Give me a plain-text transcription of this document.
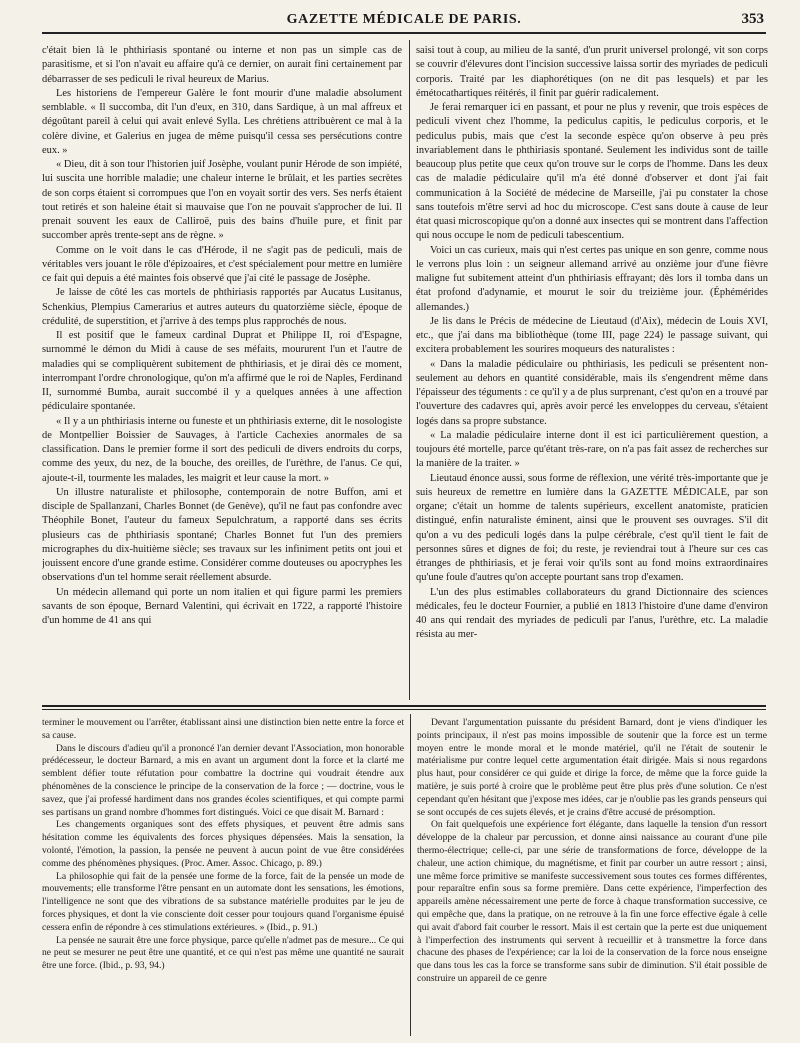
GAZETTE MÉDICALE DE PARIS.	353

c'était bien là le phthiriasis spontané ou interne et non pas un simple cas de parasitisme, et si l'on n'avait eu affaire qu'à ce dernier, on aurait fini certainement par débarrasser de ses pediculi le rival heureux de Marius.

Les historiens de l'empereur Galère le font mourir d'une maladie absolument semblable. « Il succomba, dit l'un d'eux, en 310, dans Sardique, à un mal affreux et dégoûtant pareil à celui qui avait enlevé Sylla. Les chrétiens attribuèrent ce mal à la colère divine, et Galerius en jugea de même puisqu'il cessa ses persécutions contre eux. »

« Dieu, dit à son tour l'historien juif Josèphe, voulant punir Hérode de son impiété, lui suscita une horrible maladie; une chaleur interne le brûlait, et les parties secrètes de son corps étaient si corrompues que l'on en voyait sortir des vers. Ses nerfs étaient tout retirés et son haleine était si mauvaise que l'on ne pouvait s'approcher de lui. Il prenait souvent les eaux de Calliroë, puis des bains d'huile pure, et finit par succomber après trente-sept ans de règne. »

Comme on le voit dans le cas d'Hérode, il ne s'agit pas de pediculi, mais de véritables vers jouant le rôle d'épizoaires, et c'est spécialement pour mettre en lumière ce fait qui depuis a été maintes fois observé que j'ai cité le passage de Josèphe.

Je laisse de côté les cas mortels de phthiriasis rapportés par Aucatus Lusitanus, Schenkius, Plempius Camerarius et autres auteurs du quatorzième siècle, époque de crédulité, de superstition, et j'arrive à des temps plus rapprochés de nous.

Il est positif que le fameux cardinal Duprat et Philippe II, roi d'Espagne, surnommé le démon du Midi à cause de ses méfaits, moururent l'un et l'autre de maladies qui se compliquèrent subitement de phthiriasis, et je dirai dès ce moment, interrompant l'ordre chronologique, qu'on m'a affirmé que le roi de Naples, Ferdinand II, surnommé Bumba, aurait succombé il y a quelques années à une affection pédiculaire spontanée.

« Il y a un phthiriasis interne ou funeste et un phthiriasis externe, dit le nosologiste de Montpellier Boissier de Sauvages, à l'article Cachexies anormales de sa classification. Dans le premier forme il sort des pediculi de divers endroits du corps, comme des yeux, du nez, de la bouche, des oreilles, de l'urèthre, de l'anus. Ce qui, ajoute-t-il, tourmente les malades, les maigrit et leur cause la mort. »

Un illustre naturaliste et philosophe, contemporain de notre Buffon, ami et disciple de Spallanzani, Charles Bonnet (de Genève), qu'il ne faut pas confondre avec Théophile Bonet, l'auteur du fameux Sepulchratum, a rapporté dans ses écrits plusieurs cas de phthiriasis spontané; Charles Bonnet fut l'un des premiers micrographes du dix-huitième siècle; ses travaux sur les infiniment petits ont joui et jouissent encore d'une grande estime. Considérer comme douteuses ou apocryphes les observations d'un tel homme serait réellement absurde.

Un médecin allemand qui porte un nom italien et qui figure parmi les premiers savants de son époque, Bernard Valentini, qui écrivait en 1722, a rapporté l'histoire d'un homme de 41 ans qui

saisi tout à coup, au milieu de la santé, d'un prurit universel prolongé, vit son corps se couvrir d'élevures dont l'incision successive laissa sortir des myriades de pediculi corporis. Traité par les diaphorétiques (on ne dit pas lesquels) et par les émétocathartiques réitérés, il finit par guérir radicalement.

Je ferai remarquer ici en passant, et pour ne plus y revenir, que trois espèces de pediculi vivent chez l'homme, la pediculus capitis, le pediculus corporis, et le pediculus pubis, mais que c'est la seconde espèce qu'on observe à peu près invariablement dans le phthiriasis spontané. Seulement les individus sont de taille beaucoup plus petite que ceux qu'on trouve sur le corps de l'homme. Dans les deux cas de maladie pédiculaire qu'il m'a été donné d'observer et dont j'ai fait communication à la Société de médecine de Marseille, j'ai pu constater la chose sans toutefois m'être servi ad hoc du microscope. C'est sans doute à cause de leur état quasi microscopique qu'on a donné aux insectes qui se montrent dans l'affection qui nous occupe le nom de pediculi tabescentium.

Voici un cas curieux, mais qui n'est certes pas unique en son genre, comme nous le verrons plus loin : un seigneur allemand arrivé au onzième jour d'une fièvre maligne fut subitement atteint d'un phthiriasis effrayant; dès lors il tomba dans un état profond d'adynamie, et mourut le soir du treizième jour. (Éphémérides allemandes.)

Je lis dans le Précis de médecine de Lieutaud (d'Aix), médecin de Louis XVI, etc., que j'ai dans ma bibliothèque (tome III, page 224) le passage suivant, qui excitera probablement les sourires moqueurs des naturalistes :

« Dans la maladie pédiculaire ou phthiriasis, les pediculi se présentent non-seulement au dehors en quantité considérable, mais ils s'engendrent même dans l'épaisseur des téguments : ce qu'il y a de plus surprenant, c'est qu'on en a trouvé par l'ouverture des cadavres qui, après avoir percé les enveloppes du cerveau, s'étaient logés dans sa propre substance.

« La maladie pédiculaire interne dont il est ici particulièrement question, a toujours été mortelle, parce qu'étant très-rare, on n'a pas fait assez de recherches sur la manière de la traiter. »

Lieutaud énonce aussi, sous forme de réflexion, une vérité très-importante que je suis heureux de remettre en lumière dans la GAZETTE MÉDICALE, par son organe; c'était un homme de talents supérieurs, excellent anatomiste, praticien distingué, enfin naturaliste éminent, ainsi que le prouvent ses ouvrages. S'il dit qu'on a vu des pediculi logés dans la pulpe cérébrale, c'est qu'il tient le fait de personnes sûres et dignes de foi; du reste, je reviendrai tout à l'heure sur ces cas étranges de phthiriasis, et je ferai voir qu'ils sont au fond moins extraordinaires qu'une foule d'autres qu'on accepte pourtant sans trop d'examen.

L'un des plus estimables collaborateurs du grand Dictionnaire des sciences médicales, feu le docteur Fournier, a publié en 1813 l'histoire d'une dame d'environ 40 ans qui rendait des myriades de pediculi par l'anus, l'urèthre, etc. La maladie résista au mer-

terminer le mouvement ou l'arrêter, établissant ainsi une distinction bien nette entre la force et sa cause.

Dans le discours d'adieu qu'il a prononcé l'an dernier devant l'Association, mon honorable prédécesseur, le docteur Barnard, a mis en avant un argument dont la force et la clarté me semblent défier toute réfutation pour combattre la doctrine qui voudrait étendre aux phénomènes de la conscience le principe de la conservation de la force ; — doctrine, vous le savez, que j'ai professé hardiment dans nos grandes écoles scientifiques, et qui compte parmi ses partisans un grand nombre d'hommes fort distingués. Voici ce que disait M. Barnard :

Les changements organiques sont des effets physiques, et peuvent être admis sans hésitation comme les équivalents des forces physiques dépensées. Mais la sensation, la volonté, l'émotion, la passion, la pensée ne peuvent à aucun point de vue être considérées comme des phénomènes physiques. (Proc. Amer. Assoc. Chicago, p. 89.)

La philosophie qui fait de la pensée une forme de la force, fait de la pensée un mode de mouvements; elle transforme l'être pensant en un automate dont les sensations, les émotions, l'intelligence ne sont que des vibrations de sa substance matérielle produites par le jeu de forces physiques, et dont la vie consciente doit cesser pour toujours quand l'organisme épuisé cessera enfin de répondre à ces stimulations extérieures. » (Ibid., p. 91.)

La pensée ne saurait être une force physique, parce qu'elle n'admet pas de mesure... Ce qui ne peut se mesurer ne peut être une quantité, et ce qui n'est pas même une quantité ne saurait être une force. (Ibid., p. 93, 94.)

Devant l'argumentation puissante du président Barnard, dont je viens d'indiquer les points principaux, il n'est pas moins impossible de soutenir que la force est un terme moyen entre le monde moral et le monde matériel, qu'il ne l'était de soutenir le matérialisme pur contre lequel cette argumentation était dirigée. Mais si nous regardons plus haut, pour considérer ce qui guide et dirige la force, de même que la force guide la matière, je suis porté à croire que le problème peut être plus près d'une solution. Ce n'est cependant qu'en hésitant que j'expose mes idées, car je n'oublie pas les grands penseurs qui se sont occupés de ces sujets élevés, et je crains d'être accusé de présomption.

On fait quelquefois une expérience fort élégante, dans laquelle la tension d'un ressort développe de la chaleur par percussion, et donne ainsi naissance au courant d'une pile thermo-électrique; celle-ci, par une série de transformations de force, développe de la chaleur, une action chimique, du magnétisme, et finit par courber un autre ressort ; ainsi, une même force primitive se manifeste successivement sous toutes ces formes différentes, pour reparaître enfin sous sa forme première. Dans cette expérience, l'imperfection des appareils amène nécessairement une perte de force à chaque transformation successive, ce qui empêche que, dans la pratique, on ne retrouve à la fin une force effective égale à celle qui avait d'abord fait courber le ressort. Mais il est certain que la perte est due uniquement à l'imperfection des instruments qui servent à recueillir et à transmettre la force dans chacune des phases de l'expérience; car la loi de la conservation de la force nous enseigne que dans tous les cas la force se transforme sans subir de diminution. S'il était possible de construire un appareil de ce genre
